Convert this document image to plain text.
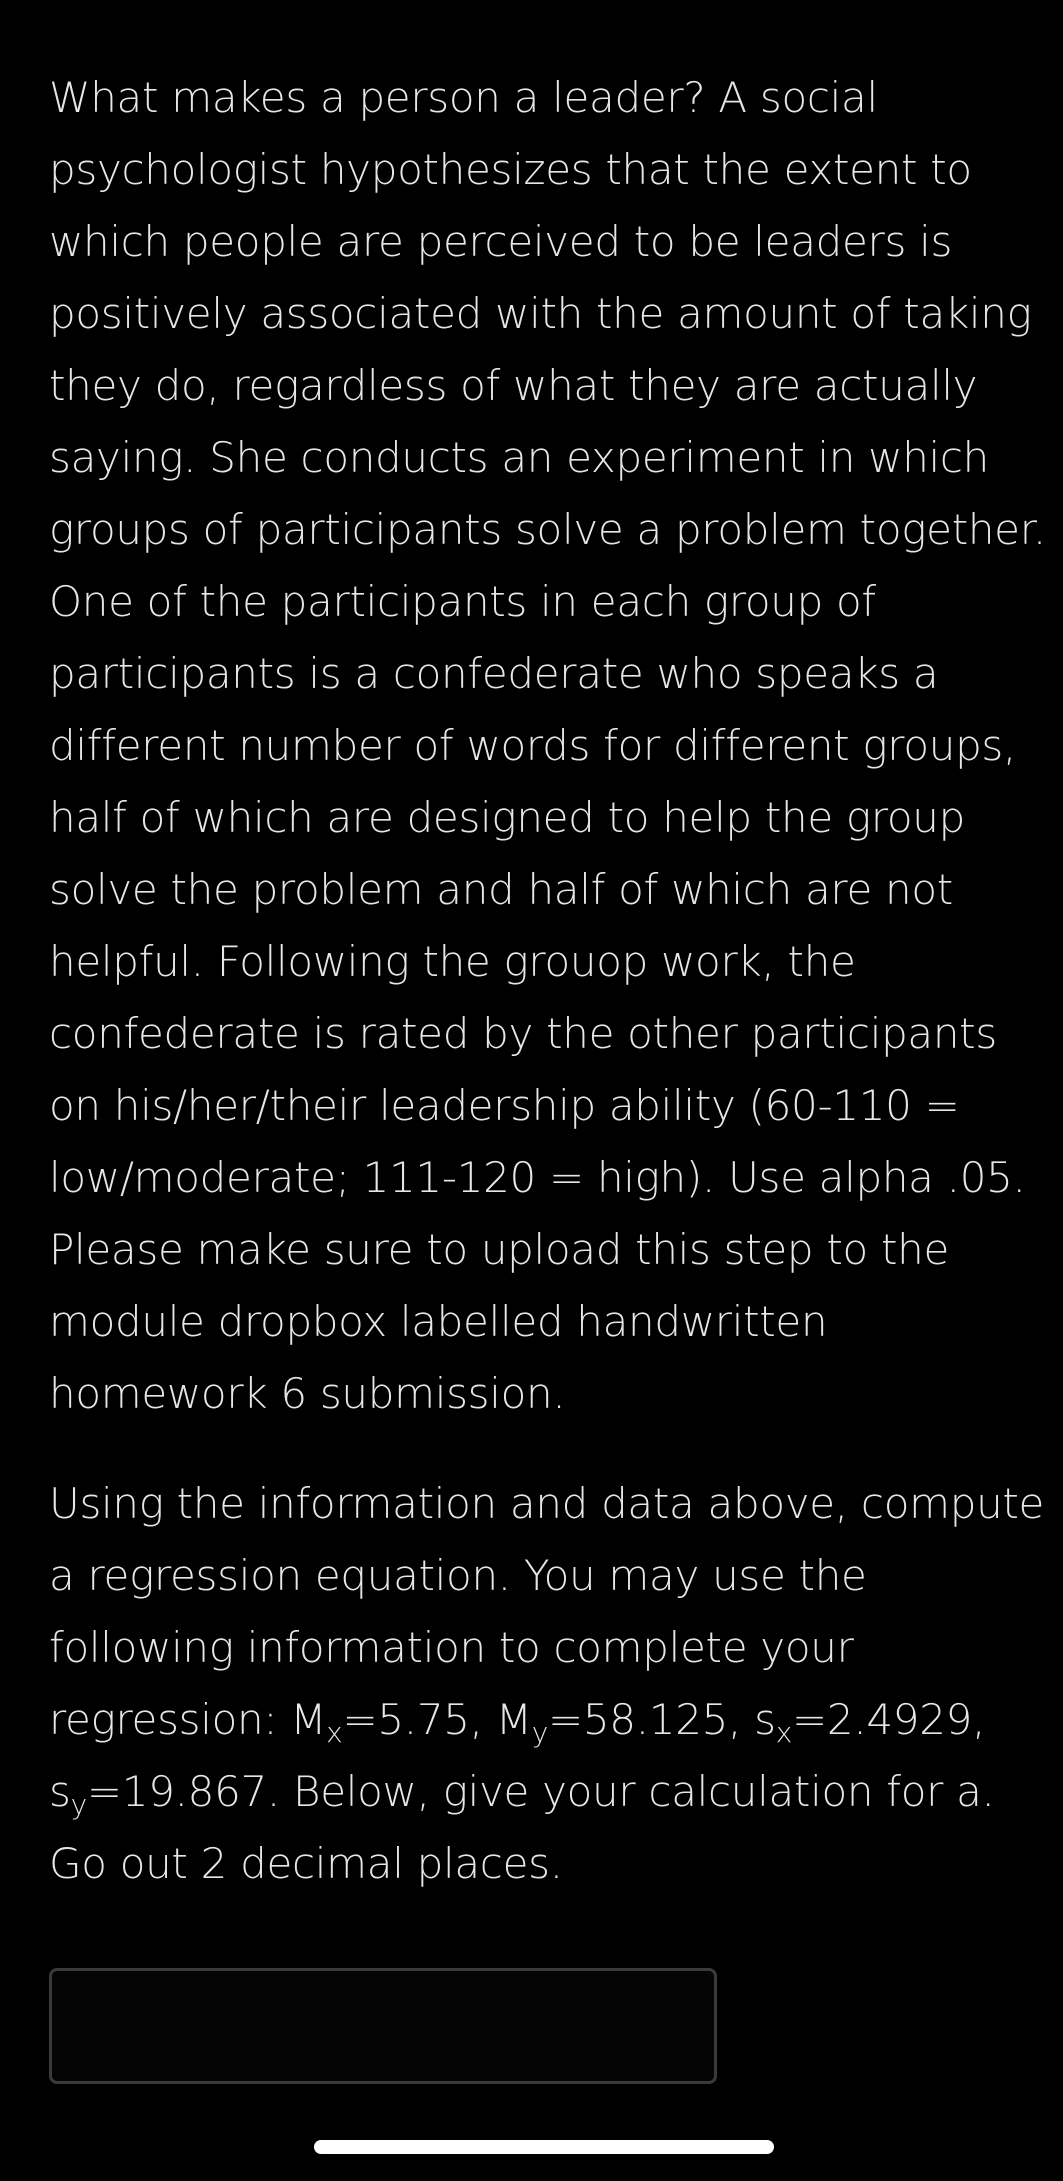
What makes a person a leader? A social psychologist hypothesizes that the extent to which people are perceived to be leaders is positively associated with the amount of taking they do, regardless of what they are actually saying. She conducts an experiment in which groups of participants solve a problem together. One of the participants in each group of participants is a confederate who speaks a different number of words for different groups, half of which are designed to help the group solve the problem and half of which are not helpful. Following the grouop work, the confederate is rated by the other participants on his/her/their leadership ability (60-110 = low/moderate; 111-120 = high). Use alpha .05. Please make sure to upload this step to the module dropbox labelled handwritten homework 6 submission.

Using the information and data above, compute a regression equation. You may use the following information to complete your regression: $M_x=5.75$, $M_y=58.125$, $s_x=2.4929$, $s_y=19.867$. Below, give your calculation for a. Go out 2 decimal places.
